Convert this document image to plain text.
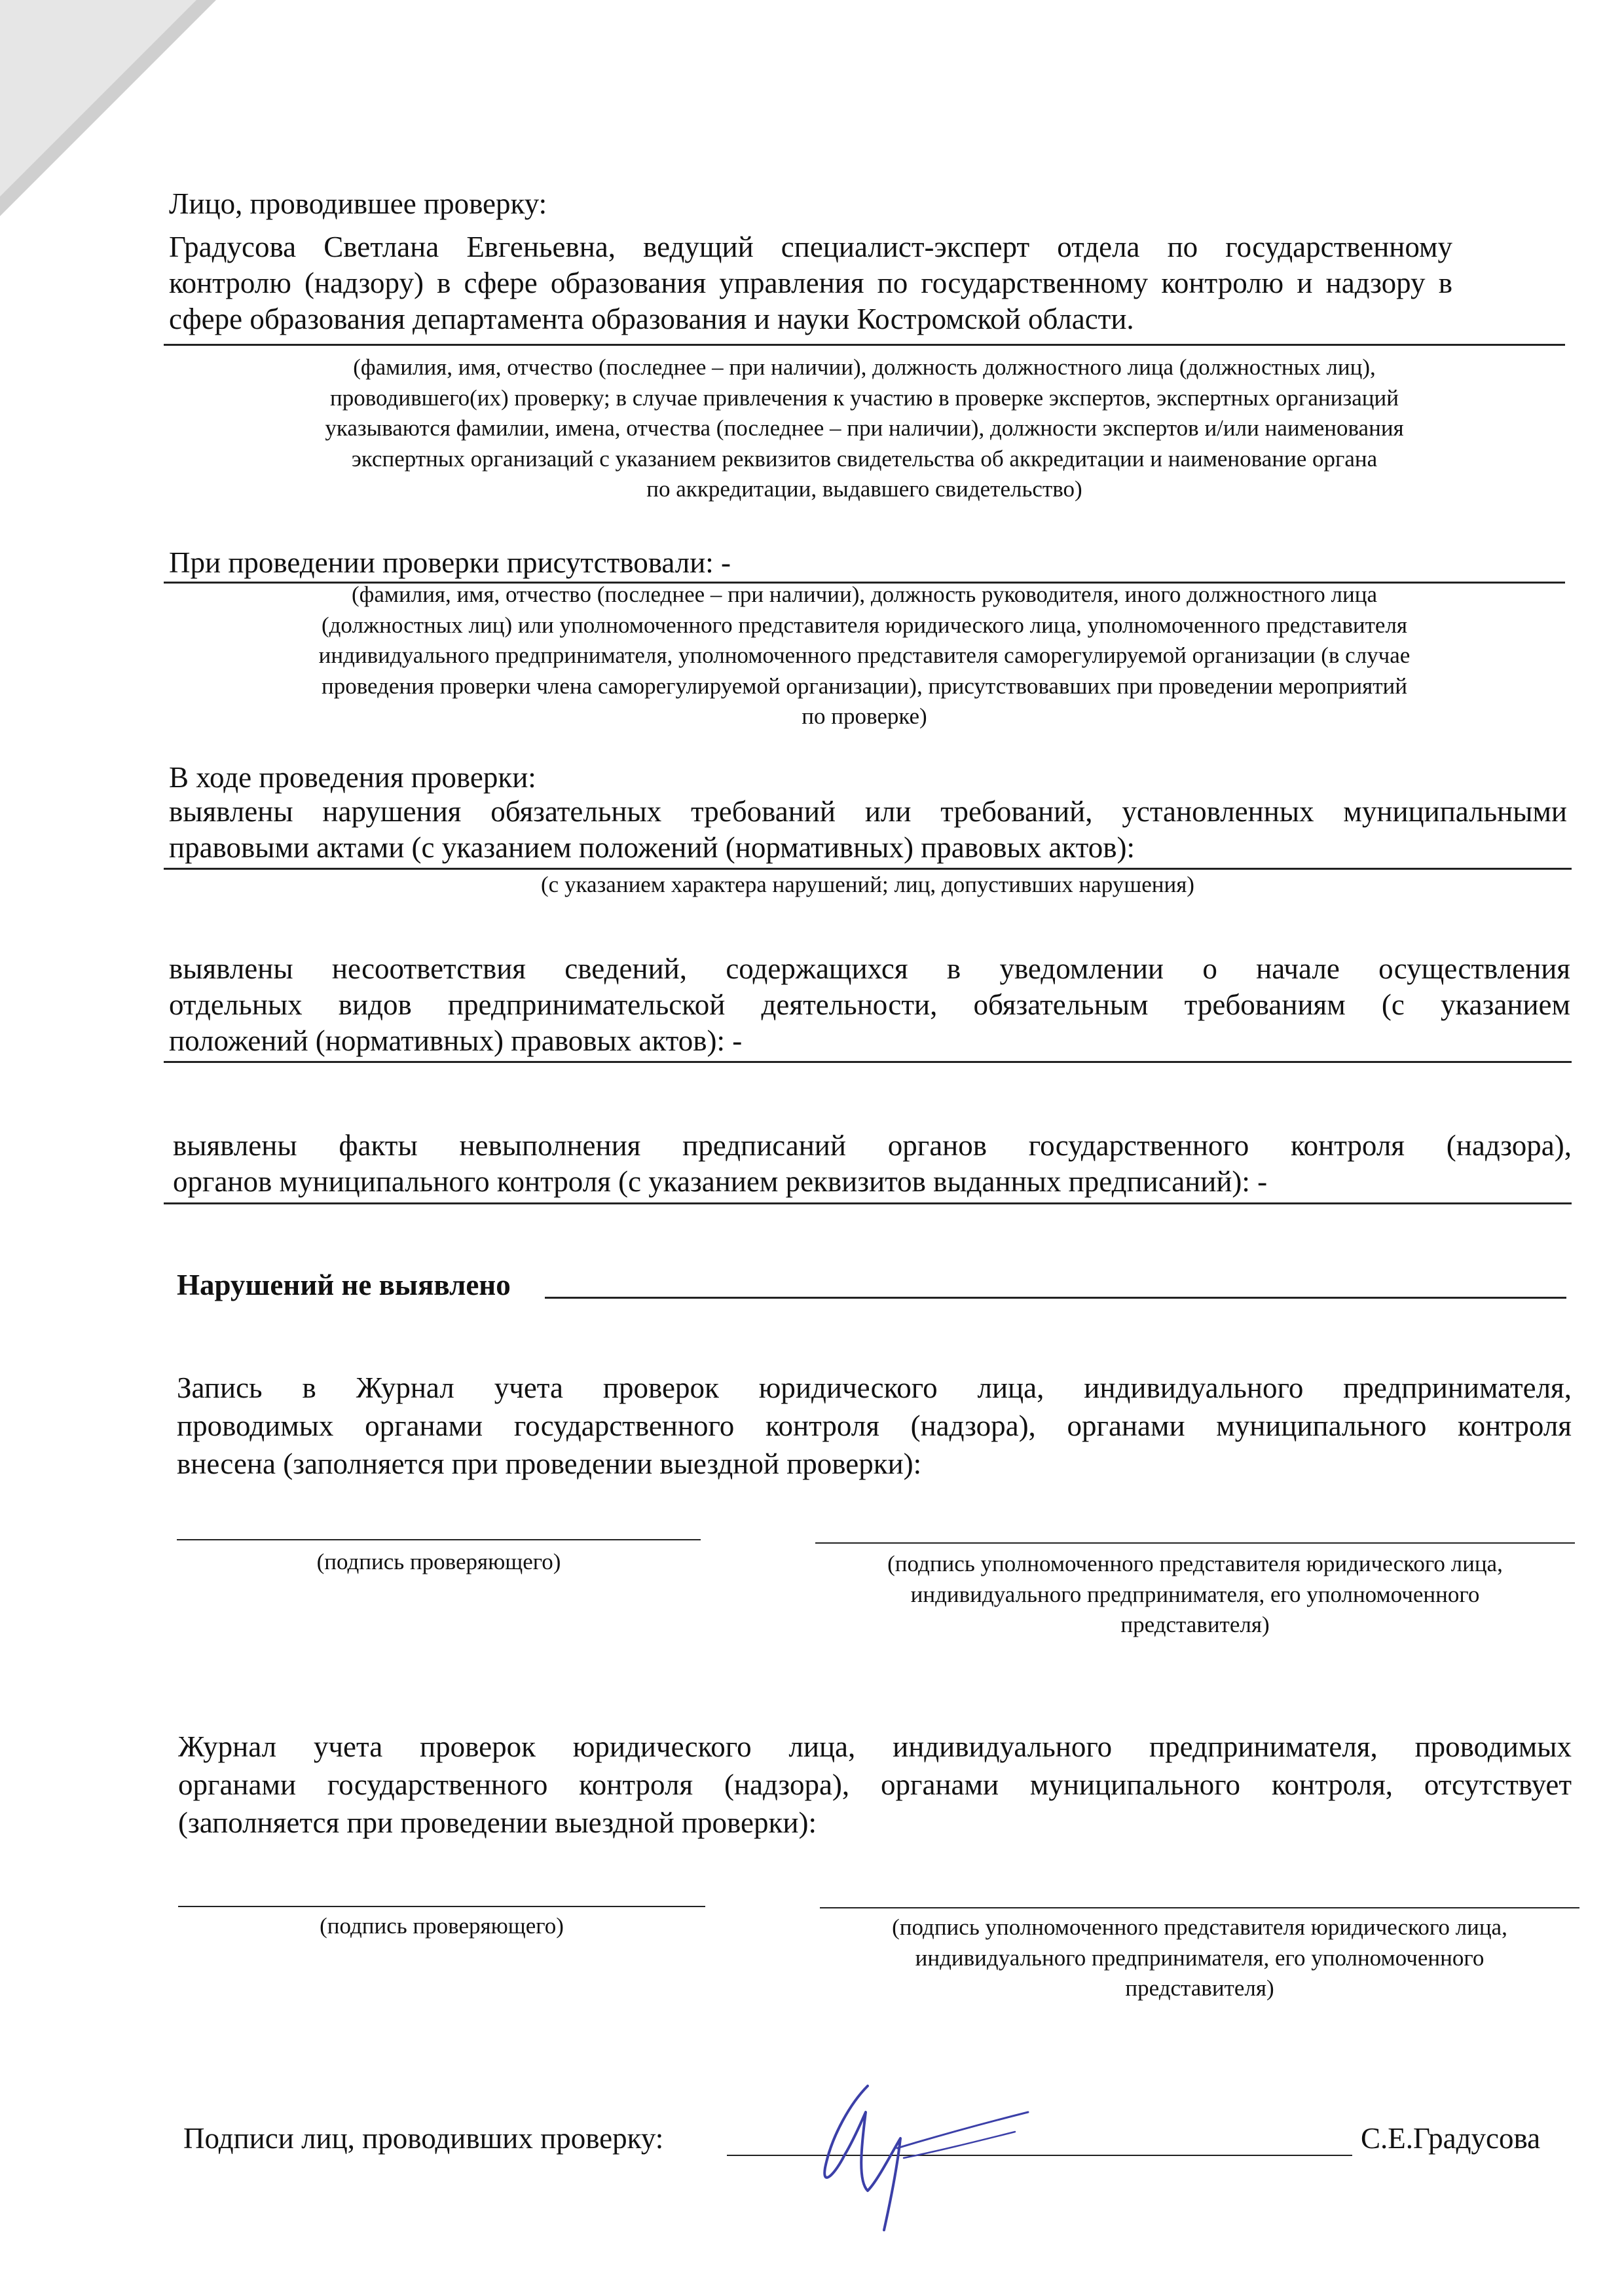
Лицо, проводившее проверку:
Градусова Светлана Евгеньевна, ведущий специалист-эксперт отдела по государственному
контролю (надзору) в сфере образования управления по государственному контролю и надзору в
сфере образования департамента образования и науки Костромской области.
(фамилия, имя, отчество (последнее – при наличии), должность должностного лица (должностных лиц),
проводившего(их) проверку; в случае привлечения к участию в проверке экспертов, экспертных организаций
указываются фамилии, имена, отчества (последнее – при наличии), должности экспертов и/или наименования
экспертных организаций с указанием реквизитов свидетельства об аккредитации и наименование органа
по аккредитации, выдавшего свидетельство)
При проведении проверки присутствовали: -
(фамилия, имя, отчество (последнее – при наличии), должность руководителя, иного должностного лица
(должностных лиц) или уполномоченного представителя юридического лица, уполномоченного представителя
индивидуального предпринимателя, уполномоченного представителя саморегулируемой организации (в случае
проведения проверки члена саморегулируемой организации), присутствовавших при проведении мероприятий
по проверке)
В ходе проведения проверки:
выявлены нарушения обязательных требований или требований, установленных муниципальными
правовыми актами (с указанием положений (нормативных) правовых актов):
(с указанием характера нарушений; лиц, допустивших нарушения)
выявлены несоответствия сведений, содержащихся в уведомлении о начале осуществления
отдельных видов предпринимательской деятельности, обязательным требованиям (с указанием
положений (нормативных) правовых актов): -
выявлены факты невыполнения предписаний органов государственного контроля (надзора),
органов муниципального контроля (с указанием реквизитов выданных предписаний): -
Нарушений не выявлено
Запись в Журнал учета проверок юридического лица, индивидуального предпринимателя,
проводимых органами государственного контроля (надзора), органами муниципального контроля
внесена (заполняется при проведении выездной проверки):
(подпись проверяющего)	(подпись уполномоченного представителя юридического лица,
индивидуального предпринимателя, его уполномоченного
представителя)
Журнал учета проверок юридического лица, индивидуального предпринимателя, проводимых
органами государственного контроля (надзора), органами муниципального контроля, отсутствует
(заполняется при проведении выездной проверки):
(подпись проверяющего)	(подпись уполномоченного представителя юридического лица,
индивидуального предпринимателя, его уполномоченного
представителя)
Подписи лиц, проводивших проверку:	С.Е.Градусова
